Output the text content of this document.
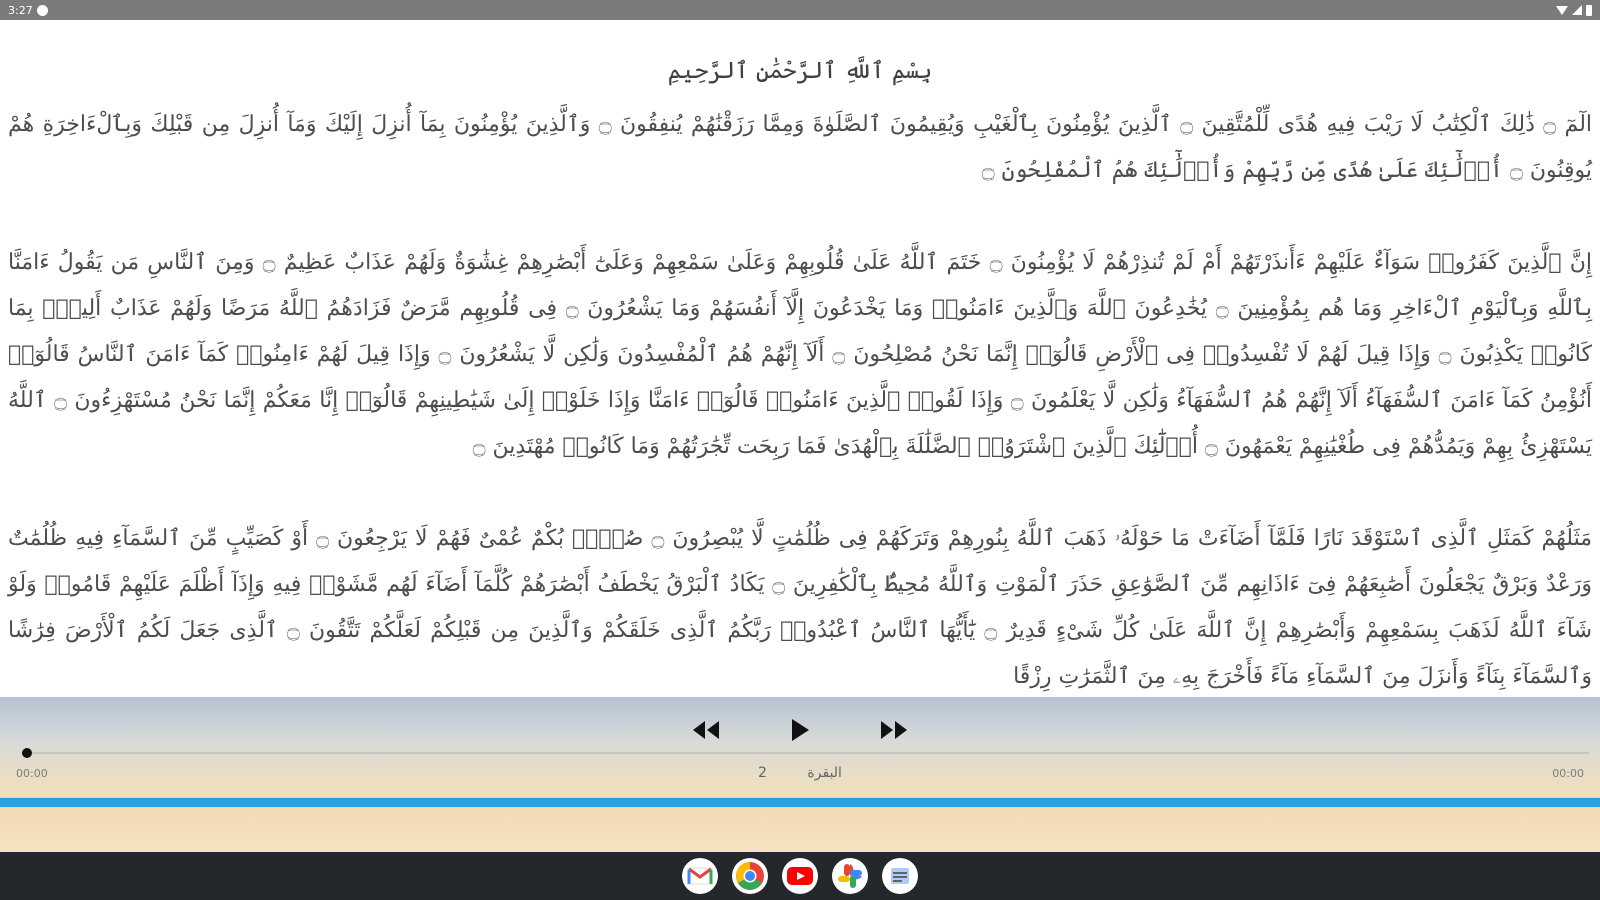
3:27
بِسْمِ ٱللَّهِ ٱلرَّحْمَٰنِ ٱلرَّحِيمِ

الٓمٓ ۝ ذَٰلِكَ ٱلْكِتَٰبُ لَا رَيْبَ فِيهِ هُدًى لِّلْمُتَّقِينَ ۝ ٱلَّذِينَ يُؤْمِنُونَ بِٱلْغَيْبِ وَيُقِيمُونَ ٱلصَّلَوٰةَ وَمِمَّا رَزَقْنَٰهُمْ يُنفِقُونَ ۝ وَٱلَّذِينَ يُؤْمِنُونَ بِمَآ أُنزِلَ إِلَيْكَ وَمَآ أُنزِلَ مِن قَبْلِكَ وَبِٱلْءَاخِرَةِ هُمْ يُوقِنُونَ ۝ أُو۟لَٰٓئِكَ عَلَىٰ هُدًى مِّن رَّبِّهِمْ وَأُو۟لَٰٓئِكَ هُمُ ٱلْمُفْلِحُونَ ۝

إِنَّ ٱلَّذِينَ كَفَرُوا۟ سَوَآءٌ عَلَيْهِمْ ءَأَنذَرْتَهُمْ أَمْ لَمْ تُنذِرْهُمْ لَا يُؤْمِنُونَ ۝ خَتَمَ ٱللَّهُ عَلَىٰ قُلُوبِهِمْ وَعَلَىٰ سَمْعِهِمْ وَعَلَىٰٓ أَبْصَٰرِهِمْ غِشَٰوَةٌ وَلَهُمْ عَذَابٌ عَظِيمٌ ۝ وَمِنَ ٱلنَّاسِ مَن يَقُولُ ءَامَنَّا بِٱللَّهِ وَبِٱلْيَوْمِ ٱلْءَاخِرِ وَمَا هُم بِمُؤْمِنِينَ ۝ يُخَٰدِعُونَ ٱللَّهَ وَٱلَّذِينَ ءَامَنُوا۟ وَمَا يَخْدَعُونَ إِلَّآ أَنفُسَهُمْ وَمَا يَشْعُرُونَ ۝ فِى قُلُوبِهِم مَّرَضٌ فَزَادَهُمُ ٱللَّهُ مَرَضًا وَلَهُمْ عَذَابٌ أَلِيمٌۢ بِمَا كَانُوا۟ يَكْذِبُونَ ۝ وَإِذَا قِيلَ لَهُمْ لَا تُفْسِدُوا۟ فِى ٱلْأَرْضِ قَالُوٓا۟ إِنَّمَا نَحْنُ مُصْلِحُونَ ۝ أَلَآ إِنَّهُمْ هُمُ ٱلْمُفْسِدُونَ وَلَٰكِن لَّا يَشْعُرُونَ ۝ وَإِذَا قِيلَ لَهُمْ ءَامِنُوا۟ كَمَآ ءَامَنَ ٱلنَّاسُ قَالُوٓا۟ أَنُؤْمِنُ كَمَآ ءَامَنَ ٱلسُّفَهَآءُ أَلَآ إِنَّهُمْ هُمُ ٱلسُّفَهَآءُ وَلَٰكِن لَّا يَعْلَمُونَ ۝ وَإِذَا لَقُوا۟ ٱلَّذِينَ ءَامَنُوا۟ قَالُوٓا۟ ءَامَنَّا وَإِذَا خَلَوْا۟ إِلَىٰ شَيَٰطِينِهِمْ قَالُوٓا۟ إِنَّا مَعَكُمْ إِنَّمَا نَحْنُ مُسْتَهْزِءُونَ ۝ ٱللَّهُ يَسْتَهْزِئُ بِهِمْ وَيَمُدُّهُمْ فِى طُغْيَٰنِهِمْ يَعْمَهُونَ ۝ أُو۟لَٰٓئِكَ ٱلَّذِينَ ٱشْتَرَوُا۟ ٱلضَّلَٰلَةَ بِٱلْهُدَىٰ فَمَا رَبِحَت تِّجَٰرَتُهُمْ وَمَا كَانُوا۟ مُهْتَدِينَ ۝

مَثَلُهُمْ كَمَثَلِ ٱلَّذِى ٱسْتَوْقَدَ نَارًا فَلَمَّآ أَضَآءَتْ مَا حَوْلَهُۥ ذَهَبَ ٱللَّهُ بِنُورِهِمْ وَتَرَكَهُمْ فِى ظُلُمَٰتٍ لَّا يُبْصِرُونَ ۝ صُمٌّۢ بُكْمٌ عُمْىٌ فَهُمْ لَا يَرْجِعُونَ ۝ أَوْ كَصَيِّبٍ مِّنَ ٱلسَّمَآءِ فِيهِ ظُلُمَٰتٌ وَرَعْدٌ وَبَرْقٌ يَجْعَلُونَ أَصَٰبِعَهُمْ فِىٓ ءَاذَانِهِم مِّنَ ٱلصَّوَٰعِقِ حَذَرَ ٱلْمَوْتِ وَٱللَّهُ مُحِيطٌۢ بِٱلْكَٰفِرِينَ ۝ يَكَادُ ٱلْبَرْقُ يَخْطَفُ أَبْصَٰرَهُمْ كُلَّمَآ أَضَآءَ لَهُم مَّشَوْا۟ فِيهِ وَإِذَآ أَظْلَمَ عَلَيْهِمْ قَامُوا۟ وَلَوْ شَآءَ ٱللَّهُ لَذَهَبَ بِسَمْعِهِمْ وَأَبْصَٰرِهِمْ إِنَّ ٱللَّهَ عَلَىٰ كُلِّ شَىْءٍ قَدِيرٌ ۝ يَٰٓأَيُّهَا ٱلنَّاسُ ٱعْبُدُوا۟ رَبَّكُمُ ٱلَّذِى خَلَقَكُمْ وَٱلَّذِينَ مِن قَبْلِكُمْ لَعَلَّكُمْ تَتَّقُونَ ۝ ٱلَّذِى جَعَلَ لَكُمُ ٱلْأَرْضَ فِرَٰشًا وَٱلسَّمَآءَ بِنَآءً وَأَنزَلَ مِنَ ٱلسَّمَآءِ مَآءً فَأَخْرَجَ بِهِۦ مِنَ ٱلثَّمَرَٰتِ رِزْقًا

00:00	2	البقرة	00:00
